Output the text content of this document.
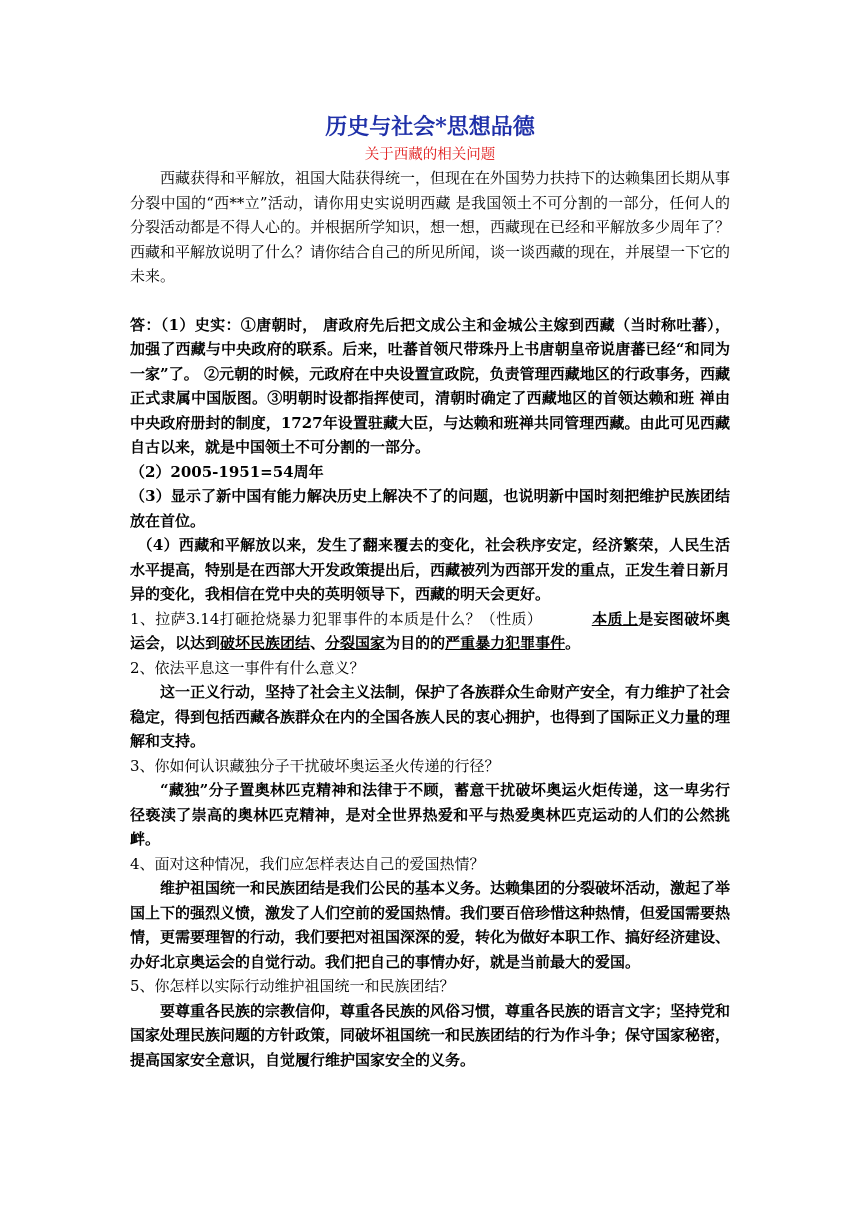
历史与社会*思想品德
关于西藏的相关问题

西藏获得和平解放，祖国大陆获得统一，但现在在外国势力扶持下的达赖集团长期从事分裂中国的“西**立”活动，请你用史实说明西藏 是我国领土不可分割的一部分，任何人的分裂活动都是不得人心的。并根据所学知识，想一想，西藏现在已经和平解放多少周年了？西藏和平解放说明了什么？请你结合自己的所见所闻，谈一谈西藏的现在，并展望一下它的未来。

答：（1）史实：①唐朝时， 唐政府先后把文成公主和金城公主嫁到西藏（当时称吐蕃），加强了西藏与中央政府的联系。后来，吐蕃首领尺带珠丹上书唐朝皇帝说唐蕃已经“和同为一家”了。 ②元朝的时候，元政府在中央设置宣政院，负责管理西藏地区的行政事务，西藏正式隶属中国版图。③明朝时设都指挥使司，清朝时确定了西藏地区的首领达赖和班 禅由中央政府册封的制度，1727年设置驻藏大臣，与达赖和班禅共同管理西藏。由此可见西藏自古以来，就是中国领土不可分割的一部分。

（2）2005-1951=54周年

（3）显示了新中国有能力解决历史上解决不了的问题，也说明新中国时刻把维护民族团结放在首位。

（4）西藏和平解放以来，发生了翻来覆去的变化，社会秩序安定，经济繁荣，人民生活水平提高，特别是在西部大开发政策提出后，西藏被列为西部开发的重点，正发生着日新月异的变化，我相信在党中央的英明领导下，西藏的明天会更好。

1、拉萨3.14打砸抢烧暴力犯罪事件的本质是什么？（性质）	本质上是妄图破坏奥运会，以达到破坏民族团结、分裂国家为目的的严重暴力犯罪事件。

2、依法平息这一事件有什么意义？

这一正义行动，坚持了社会主义法制，保护了各族群众生命财产安全，有力维护了社会稳定，得到包括西藏各族群众在内的全国各族人民的衷心拥护，也得到了国际正义力量的理解和支持。

3、你如何认识藏独分子干扰破坏奥运圣火传递的行径？

“藏独”分子置奥林匹克精神和法律于不顾，蓄意干扰破坏奥运火炬传递，这一卑劣行径亵渎了崇高的奥林匹克精神，是对全世界热爱和平与热爱奥林匹克运动的人们的公然挑衅。

4、面对这种情况，我们应怎样表达自己的爱国热情？

维护祖国统一和民族团结是我们公民的基本义务。达赖集团的分裂破坏活动，激起了举国上下的强烈义愤，激发了人们空前的爱国热情。我们要百倍珍惜这种热情，但爱国需要热情，更需要理智的行动，我们要把对祖国深深的爱，转化为做好本职工作、搞好经济建设、办好北京奥运会的自觉行动。我们把自己的事情办好，就是当前最大的爱国。

5、你怎样以实际行动维护祖国统一和民族团结？

要尊重各民族的宗教信仰，尊重各民族的风俗习惯，尊重各民族的语言文字；坚持党和国家处理民族问题的方针政策，同破坏祖国统一和民族团结的行为作斗争；保守国家秘密，提高国家安全意识，自觉履行维护国家安全的义务。
